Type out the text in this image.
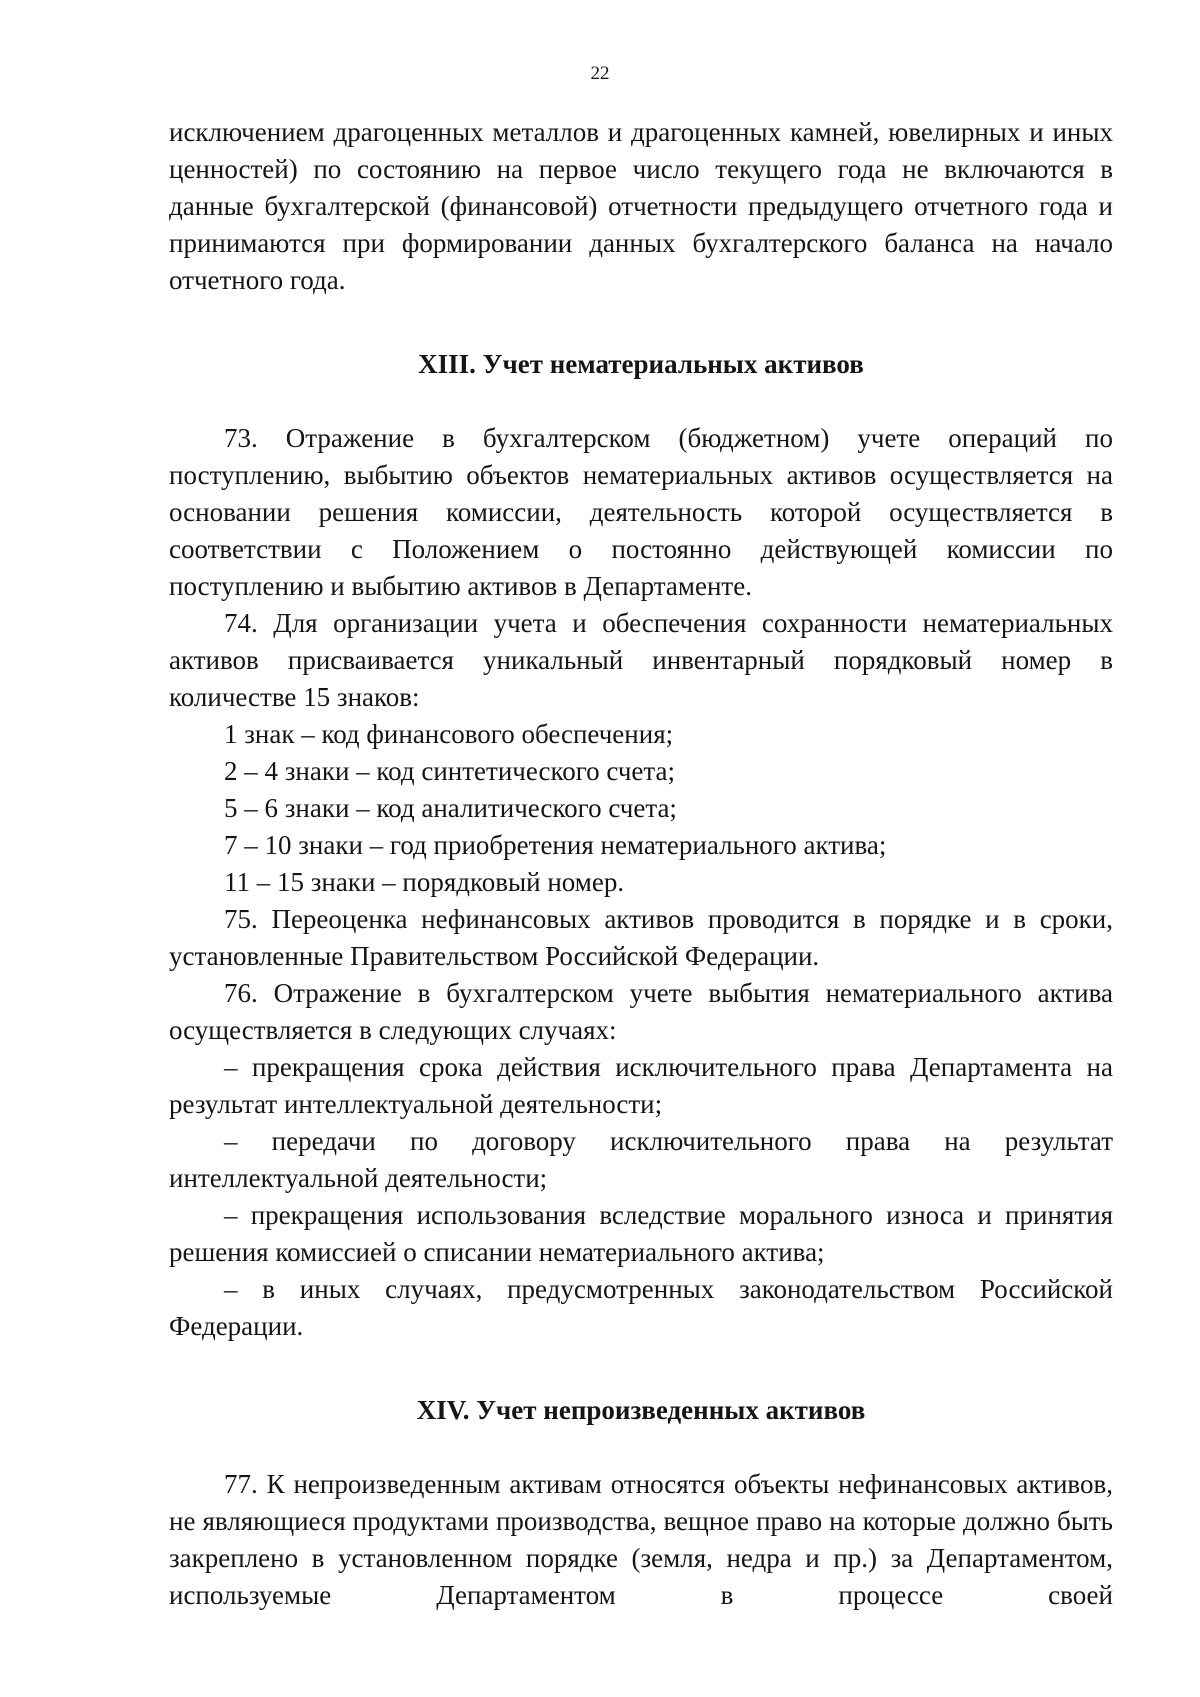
22

исключением драгоценных металлов и драгоценных камней, ювелирных и иных ценностей) по состоянию на первое число текущего года не включаются в данные бухгалтерской (финансовой) отчетности предыдущего отчетного года и принимаются при формировании данных бухгалтерского баланса на начало отчетного года.

XIII. Учет нематериальных активов

73. Отражение в бухгалтерском (бюджетном) учете операций по поступлению, выбытию объектов нематериальных активов осуществляется на основании решения комиссии, деятельность которой осуществляется в соответствии с Положением о постоянно действующей комиссии по поступлению и выбытию активов в Департаменте.

74. Для организации учета и обеспечения сохранности нематериальных активов присваивается уникальный инвентарный порядковый номер в количестве 15 знаков:

1 знак – код финансового обеспечения;

2 – 4 знаки – код синтетического счета;

5 – 6 знаки – код аналитического счета;

7 – 10 знаки – год приобретения нематериального актива;

11 – 15 знаки – порядковый номер.

75. Переоценка нефинансовых активов проводится в порядке и в сроки, установленные Правительством Российской Федерации.

76. Отражение в бухгалтерском учете выбытия нематериального актива осуществляется в следующих случаях:

– прекращения срока действия исключительного права Департамента на результат интеллектуальной деятельности;

– передачи по договору исключительного права на результат интеллектуальной деятельности;

– прекращения использования вследствие морального износа и принятия решения комиссией о списании нематериального актива;

– в иных случаях, предусмотренных законодательством Российской Федерации.

XIV. Учет непроизведенных активов

77. К непроизведенным активам относятся объекты нефинансовых активов, не являющиеся продуктами производства, вещное право на которые должно быть закреплено в установленном порядке (земля, недра и пр.) за Департаментом, используемые Департаментом в процессе своей
